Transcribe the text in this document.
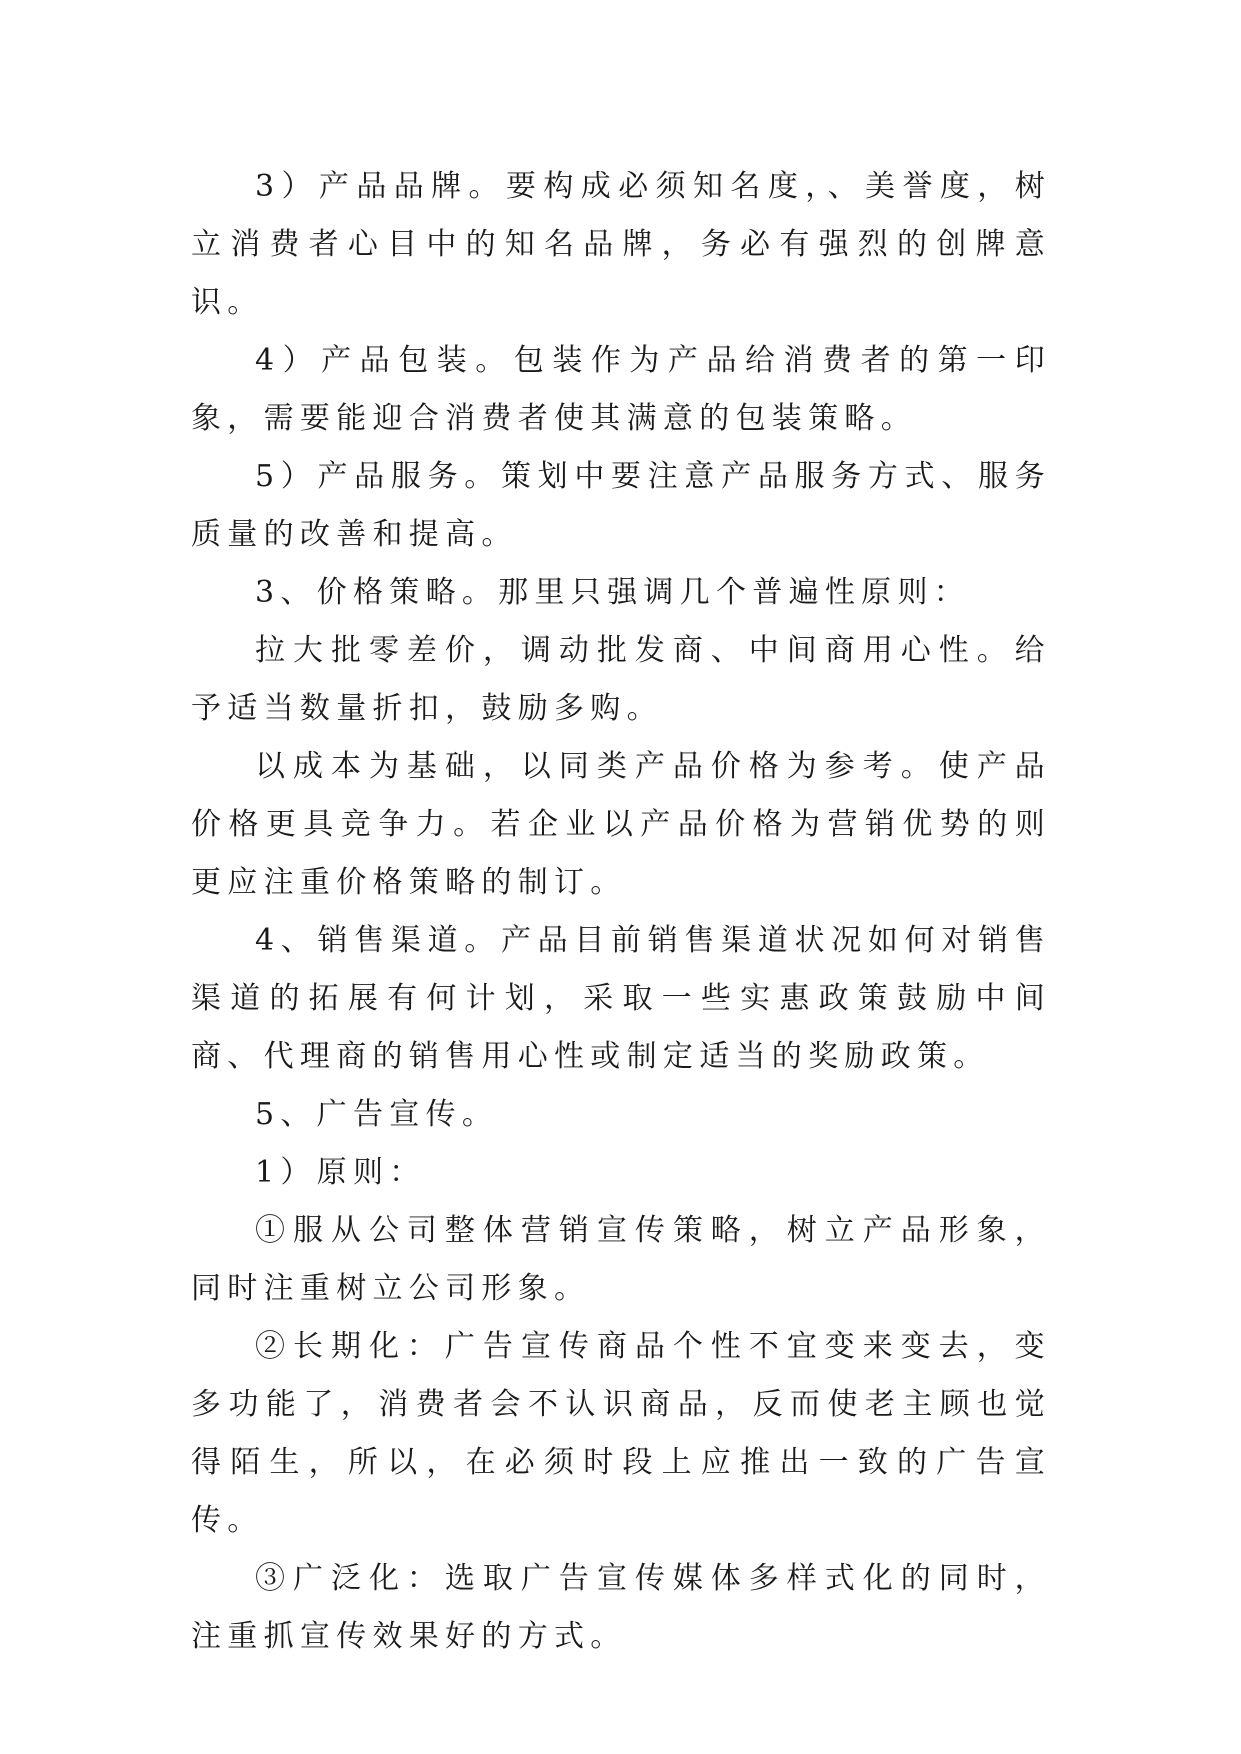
3）产品品牌。要构成必须知名度，、美誉度，树立消费者心目中的知名品牌，务必有强烈的创牌意识。

4）产品包装。包装作为产品给消费者的第一印象，需要能迎合消费者使其满意的包装策略。

5）产品服务。策划中要注意产品服务方式、服务质量的改善和提高。

3、价格策略。那里只强调几个普遍性原则：

拉大批零差价，调动批发商、中间商用心性。给予适当数量折扣，鼓励多购。

以成本为基础，以同类产品价格为参考。使产品价格更具竞争力。若企业以产品价格为营销优势的则更应注重价格策略的制订。

4、销售渠道。产品目前销售渠道状况如何对销售渠道的拓展有何计划，采取一些实惠政策鼓励中间商、代理商的销售用心性或制定适当的奖励政策。

5、广告宣传。

1）原则：

①服从公司整体营销宣传策略，树立产品形象，同时注重树立公司形象。

②长期化：广告宣传商品个性不宜变来变去，变多功能了，消费者会不认识商品，反而使老主顾也觉得陌生，所以，在必须时段上应推出一致的广告宣传。

③广泛化：选取广告宣传媒体多样式化的同时，注重抓宣传效果好的方式。
